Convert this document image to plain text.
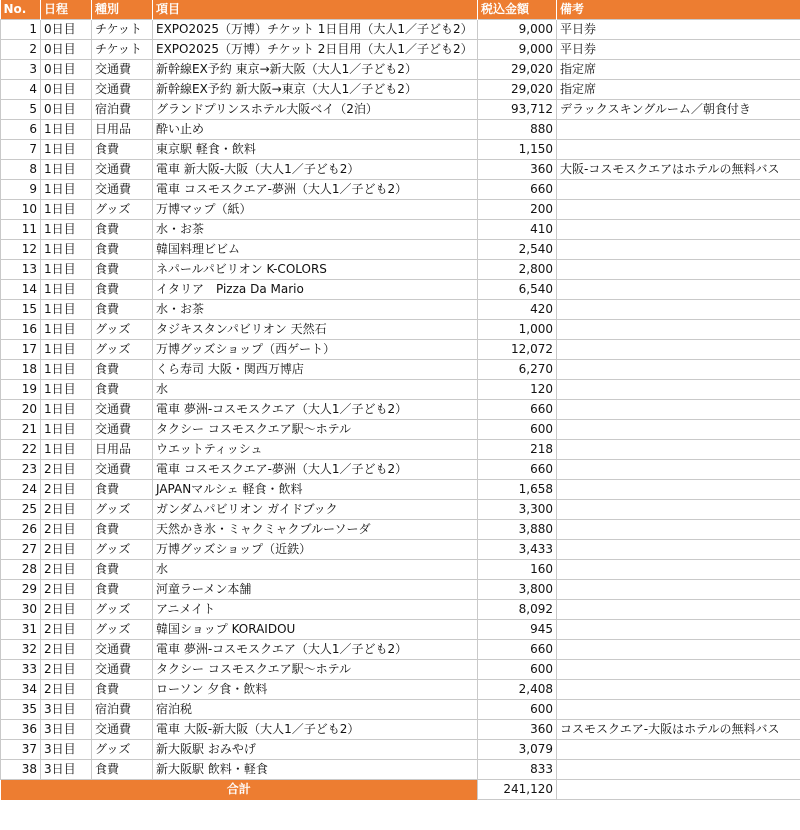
No.	日程	種別	項目	税込金額	備考
1	0日目	チケット	EXPO2025（万博）チケット 1日目用（大人1／子ども2）	9,000	平日券
2	0日目	チケット	EXPO2025（万博）チケット 2日目用（大人1／子ども2）	9,000	平日券
3	0日目	交通費	新幹線EX予約 東京→新大阪（大人1／子ども2）	29,020	指定席
4	0日目	交通費	新幹線EX予約 新大阪→東京（大人1／子ども2）	29,020	指定席
5	0日目	宿泊費	グランドプリンスホテル大阪ベイ（2泊）	93,712	デラックスキングルーム／朝食付き
6	1日目	日用品	酔い止め	880	
7	1日目	食費	東京駅 軽食・飲料	1,150	
8	1日目	交通費	電車 新大阪-大阪（大人1／子ども2）	360	大阪-コスモスクエアはホテルの無料バス
9	1日目	交通費	電車 コスモスクエア-夢洲（大人1／子ども2）	660	
10	1日目	グッズ	万博マップ（紙）	200	
11	1日目	食費	水・お茶	410	
12	1日目	食費	韓国料理ビビム	2,540	
13	1日目	食費	ネパールパビリオン K-COLORS	2,800	
14	1日目	食費	イタリア　Pizza Da Mario	6,540	
15	1日目	食費	水・お茶	420	
16	1日目	グッズ	タジキスタンパビリオン 天然石	1,000	
17	1日目	グッズ	万博グッズショップ（西ゲート）	12,072	
18	1日目	食費	くら寿司 大阪・関西万博店	6,270	
19	1日目	食費	水	120	
20	1日目	交通費	電車 夢洲-コスモスクエア（大人1／子ども2）	660	
21	1日目	交通費	タクシー コスモスクエア駅～ホテル	600	
22	1日目	日用品	ウエットティッシュ	218	
23	2日目	交通費	電車 コスモスクエア-夢洲（大人1／子ども2）	660	
24	2日目	食費	JAPANマルシェ 軽食・飲料	1,658	
25	2日目	グッズ	ガンダムパビリオン ガイドブック	3,300	
26	2日目	食費	天然かき氷・ミャクミャクブルーソーダ	3,880	
27	2日目	グッズ	万博グッズショップ（近鉄）	3,433	
28	2日目	食費	水	160	
29	2日目	食費	河童ラーメン本舗	3,800	
30	2日目	グッズ	アニメイト	8,092	
31	2日目	グッズ	韓国ショップ KORAIDOU	945	
32	2日目	交通費	電車 夢洲-コスモスクエア（大人1／子ども2）	660	
33	2日目	交通費	タクシー コスモスクエア駅～ホテル	600	
34	2日目	食費	ローソン 夕食・飲料	2,408	
35	3日目	宿泊費	宿泊税	600	
36	3日目	交通費	電車 大阪-新大阪（大人1／子ども2）	360	コスモスクエア-大阪はホテルの無料バス
37	3日目	グッズ	新大阪駅 おみやげ	3,079	
38	3日目	食費	新大阪駅 飲料・軽食	833	
合計				241,120	
